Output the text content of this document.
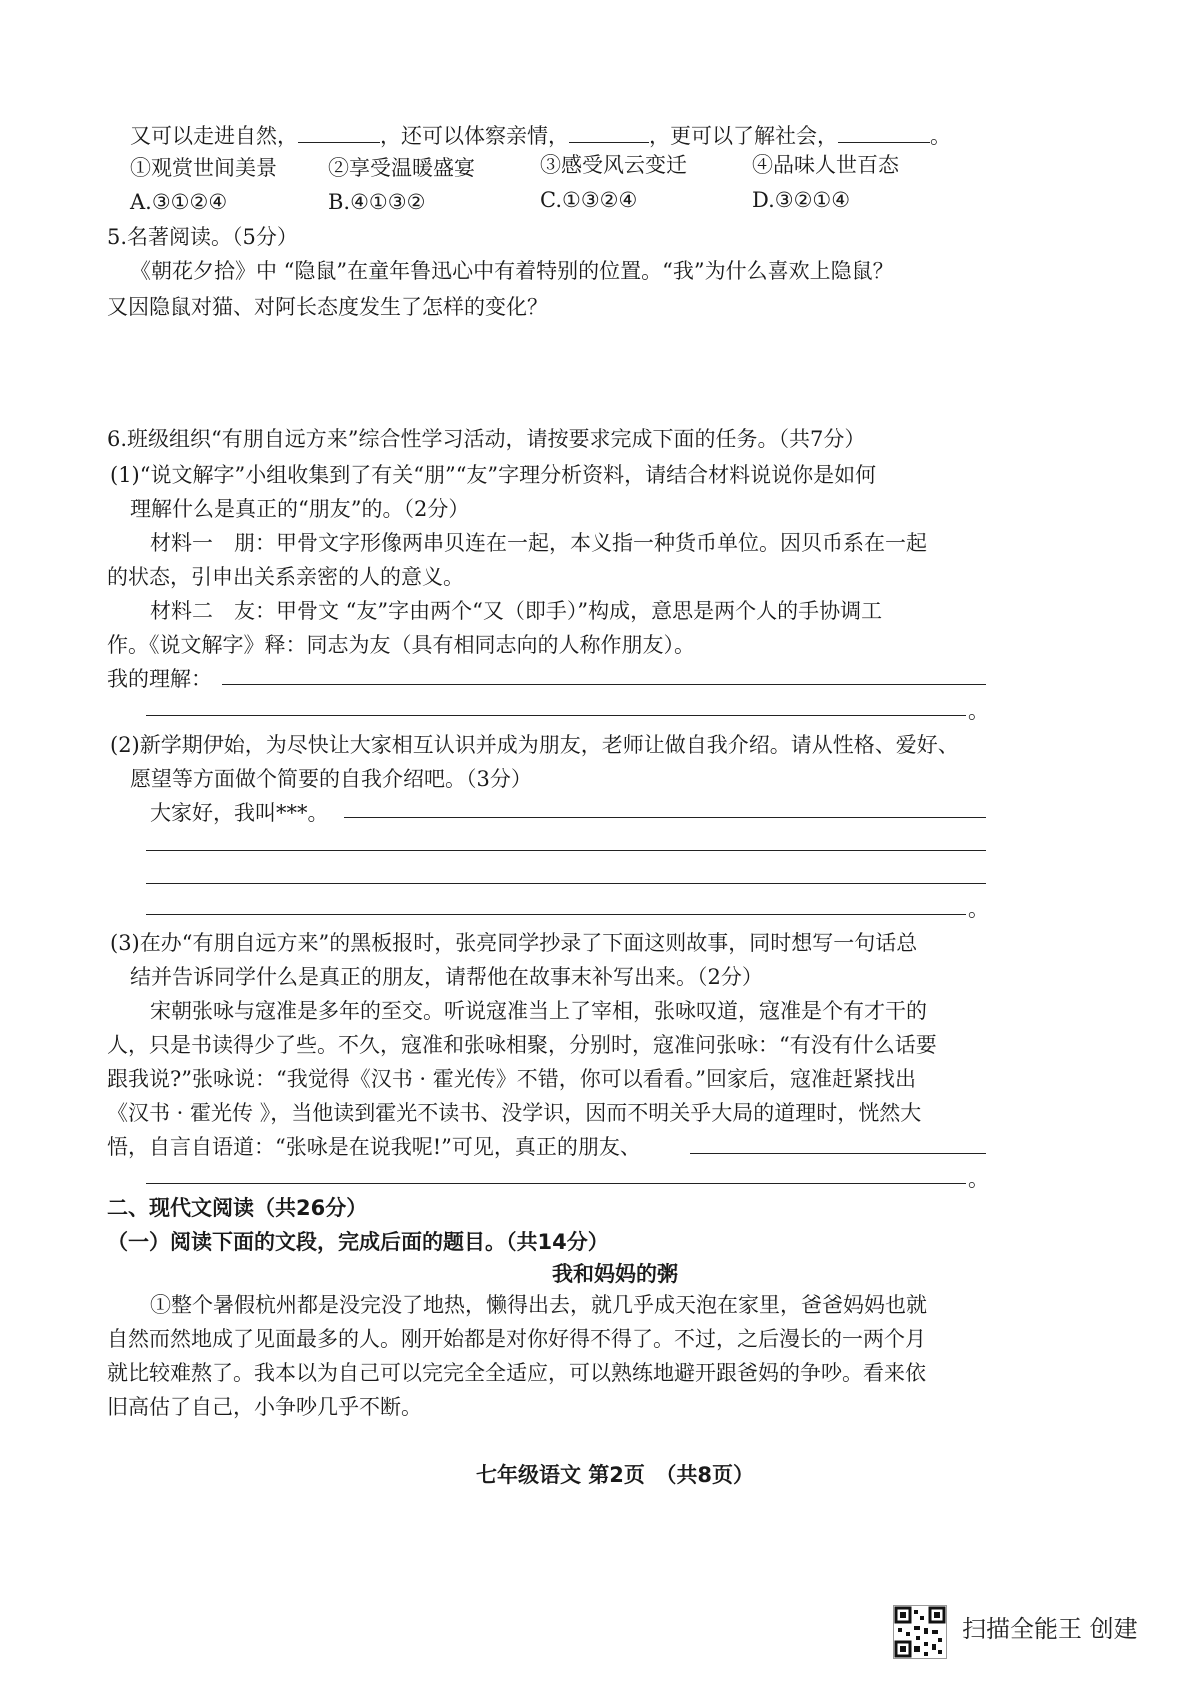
又可以走进自然，	，还可以体察亲情，	，更可以了解社会，	。
①观赏世间美景 ②享受温暖盛宴	③感受风云变迁	④品味人世百态
A.③①②④	B.④①③②	C.①③②④	D.③②①④
5.名著阅读。（5分）
《朝花夕拾》中 “隐鼠”在童年鲁迅心中有着特别的位置。“我”为什么喜欢上隐鼠？
又因隐鼠对猫、对阿长态度发生了怎样的变化？
6.班级组织“有朋自远方来”综合性学习活动，请按要求完成下面的任务。（共7分）
(1)“说文解字”小组收集到了有关“朋”“友”字理分析资料，请结合材料说说你是如何
理解什么是真正的“朋友”的。（2分）
材料一　朋：甲骨文字形像两串贝连在一起，本义指一种货币单位。因贝币系在一起
的状态，引申出关系亲密的人的意义。
材料二　友：甲骨文 “友”字由两个“又（即手）”构成，意思是两个人的手协调工
作。《说文解字》释：同志为友（具有相同志向的人称作朋友）。
我的理解：
。
(2)新学期伊始，为尽快让大家相互认识并成为朋友，老师让做自我介绍。请从性格、爱好、
愿望等方面做个简要的自我介绍吧。（3分）
大家好，我叫***。
。
(3)在办“有朋自远方来”的黑板报时，张亮同学抄录了下面这则故事，同时想写一句话总
结并告诉同学什么是真正的朋友，请帮他在故事末补写出来。（2分）
宋朝张咏与寇准是多年的至交。听说寇准当上了宰相，张咏叹道，寇准是个有才干的
人，只是书读得少了些。不久，寇准和张咏相聚，分别时，寇准问张咏：“有没有什么话要
跟我说?”张咏说：“我觉得《汉书 · 霍光传》不错，你可以看看。”回家后，寇准赶紧找出
《汉书 · 霍光传 》，当他读到霍光不读书、没学识，因而不明关乎大局的道理时，恍然大
悟，自言自语道：“张咏是在说我呢!”可见，真正的朋友、
。
二、现代文阅读（共26分）
（一）阅读下面的文段，完成后面的题目。（共14分）
我和妈妈的粥
①整个暑假杭州都是没完没了地热，懒得出去，就几乎成天泡在家里，爸爸妈妈也就
自然而然地成了见面最多的人。刚开始都是对你好得不得了。不过，之后漫长的一两个月
就比较难熬了。我本以为自己可以完完全全适应，可以熟练地避开跟爸妈的争吵。看来依
旧高估了自己，小争吵几乎不断。
七年级语文 第2页　（共8页）
扫描全能王 创建
